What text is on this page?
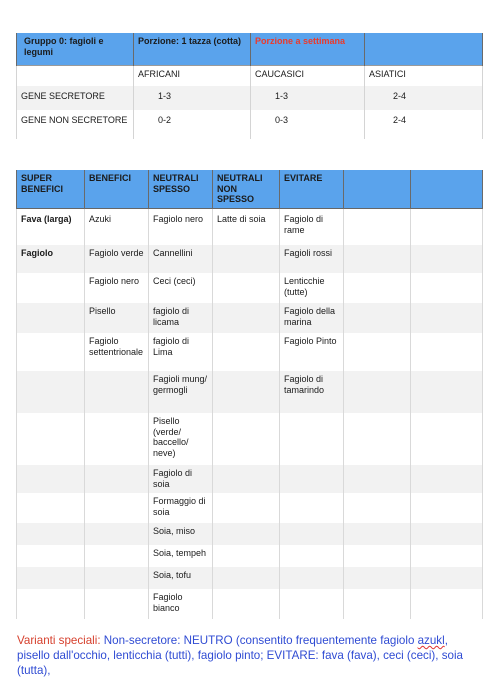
Gruppo 0: fagioli e legumi	Porzione: 1 tazza (cotta)	Porzione a settimana	
	AFRICANI	CAUCASICI	ASIATICI
GENE SECRETORE	1-3	1-3	2-4
GENE NON SECRETORE	0-2	0-3	2-4
SUPER BENEFICI	BENEFICI	NEUTRALI SPESSO	NEUTRALI NON SPESSO	EVITARE		
Fava (larga)	Azuki	Fagiolo nero	Latte di soia	Fagiolo di rame		
Fagiolo	Fagiolo verde	Cannellini		Fagioli rossi		
	Fagiolo nero	Ceci (ceci)		Lenticchie (tutte)		
	Pisello	fagiolo di licama		Fagiolo della marina		
	Fagiolo settentrionale	fagiolo di Lima		Fagiolo Pinto		
		Fagioli mung/ germogli		Fagiolo di tamarindo		
		Pisello (verde/ baccello/ neve)				
		Fagiolo di soia				
		Formaggio di soia				
		Soia, miso				
		Soia, tempeh				
		Soia, tofu				
		Fagiolo bianco				
Varianti speciali: Non-secretore: NEUTRO (consentito frequentemente fagiolo azukl, pisello dall'occhio, lenticchia (tutti), fagiolo pinto; EVITARE: fava (fava), ceci (ceci), soia (tutta),
